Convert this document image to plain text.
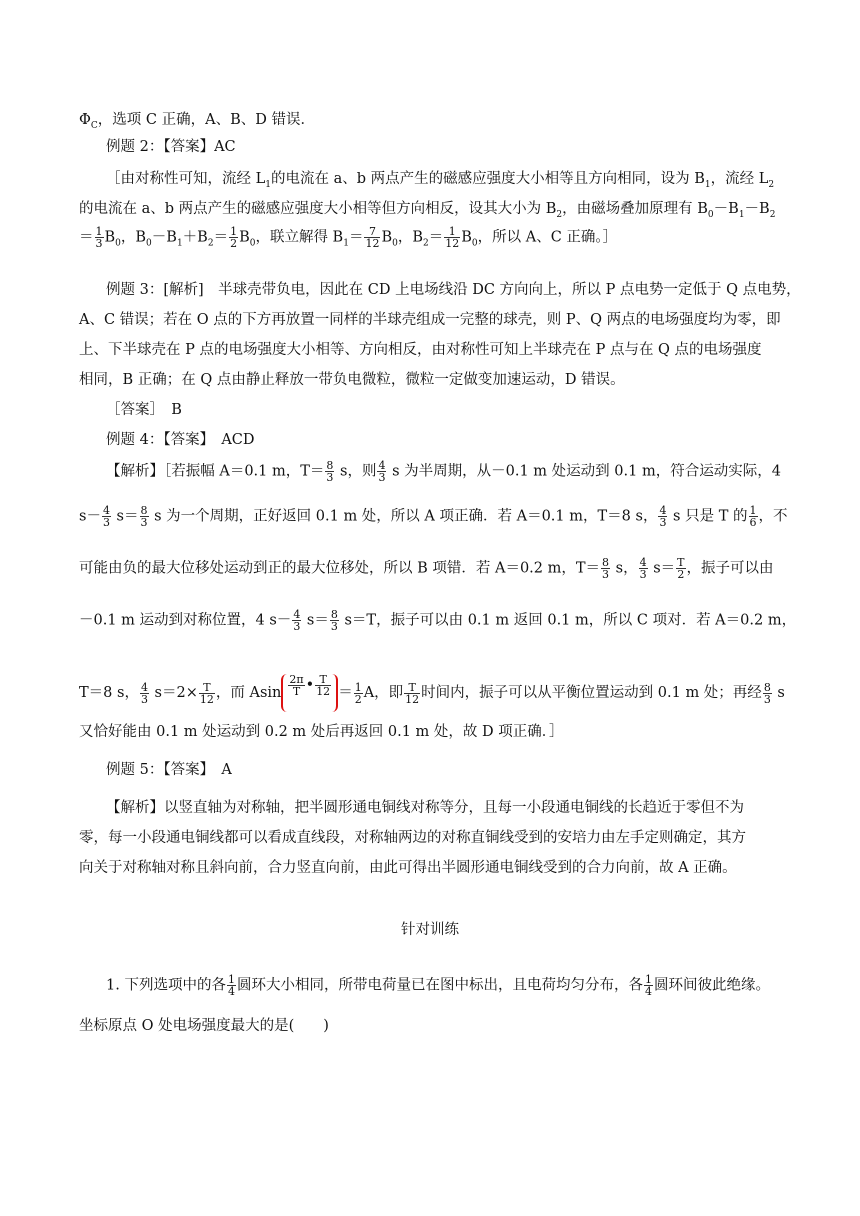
$\Phi_C$，选项 C 正确，A、B、D 错误．
例题 2：【答案】AC
［由对称性可知，流经 $L_1$的电流在 a、b 两点产生的磁感应强度大小相等且方向相同，设为 $B_1$，流经 $L_2$
的电流在 a、b 两点产生的磁感应强度大小相等但方向相反，设其大小为 $B_2$，由磁场叠加原理有 $B_0-B_1-B_2$
＝ $\frac{1}{3} B_0$，$B_0-B_1+B_2= \frac{1}{2} B_0$，联立解得 $B_1= \frac{7}{12} B_0$，$B_2= \frac{1}{12} B_0$，所以 A、C 正确。］
例题 3：[解析]　半球壳带负电，因此在 CD 上电场线沿 DC 方向向上，所以 P 点电势一定低于 Q 点电势，
A、C 错误；若在 O 点的下方再放置一同样的半球壳组成一完整的球壳，则 P、Q 两点的电场强度均为零，即
上、下半球壳在 P 点的电场强度大小相等、方向相反，由对称性可知上半球壳在 P 点与在 Q 点的电场强度
相同，B 正确；在 Q 点由静止释放一带负电微粒，微粒一定做变加速运动，D 错误。
［答案］　B
例题 4：【答案】　ACD
【解析】［若振幅 A＝0.1 m，$T= \frac{8}{3}$ s，则 $\frac{4}{3}$ s 为半周期，从－0.1 m 处运动到 0.1 m，符合运动实际，4
$s- \frac{4}{3} s= \frac{8}{3}$ s 为一个周期，正好返回 0.1 m 处，所以 A 项正确．若 A＝0.1 m，T＝8 s， $\frac{4}{3}$ s 只是 T 的 $\frac{1}{6}$ ，不
可能由负的最大位移处运动到正的最大位移处，所以 B 项错．若 A＝0.2 m，$T= \frac{8}{3}$ s， $\frac{4}{3} s= \frac{T}{2}$ ，振子可以由
－0.1 m 运动到对称位置，4 $s- \frac{4}{3} s= \frac{8}{3} s=T$，振子可以由 0.1 m 返回 0.1 m，所以 C 项对．若 A＝0.2 m，
T＝8 s， $\frac{4}{3} s=2\times \frac{T}{12}$ ，而 Asin $\frac{2\pi}{T}$ • $\frac{T}{12} = \frac{1}{2}$ A，即 $\frac{T}{12}$ 时间内，振子可以从平衡位置运动到 0.1 m 处；再经 $\frac{8}{3}$ s
又恰好能由 0.1 m 处运动到 0.2 m 处后再返回 0.1 m 处，故 D 项正确．］
例题 5：【答案】　A
【解析】以竖直轴为对称轴，把半圆形通电铜线对称等分，且每一小段通电铜线的长趋近于零但不为
零，每一小段通电铜线都可以看成直线段，对称轴两边的对称直铜线受到的安培力由左手定则确定，其方
向关于对称轴对称且斜向前，合力竖直向前，由此可得出半圆形通电铜线受到的合力向前，故 A 正确。
针对训练
1. 下列选项中的各 $\frac{1}{4}$ 圆环大小相同，所带电荷量已在图中标出，且电荷均匀分布，各 $\frac{1}{4}$ 圆环间彼此绝缘。
坐标原点 O 处电场强度最大的是(　　)
